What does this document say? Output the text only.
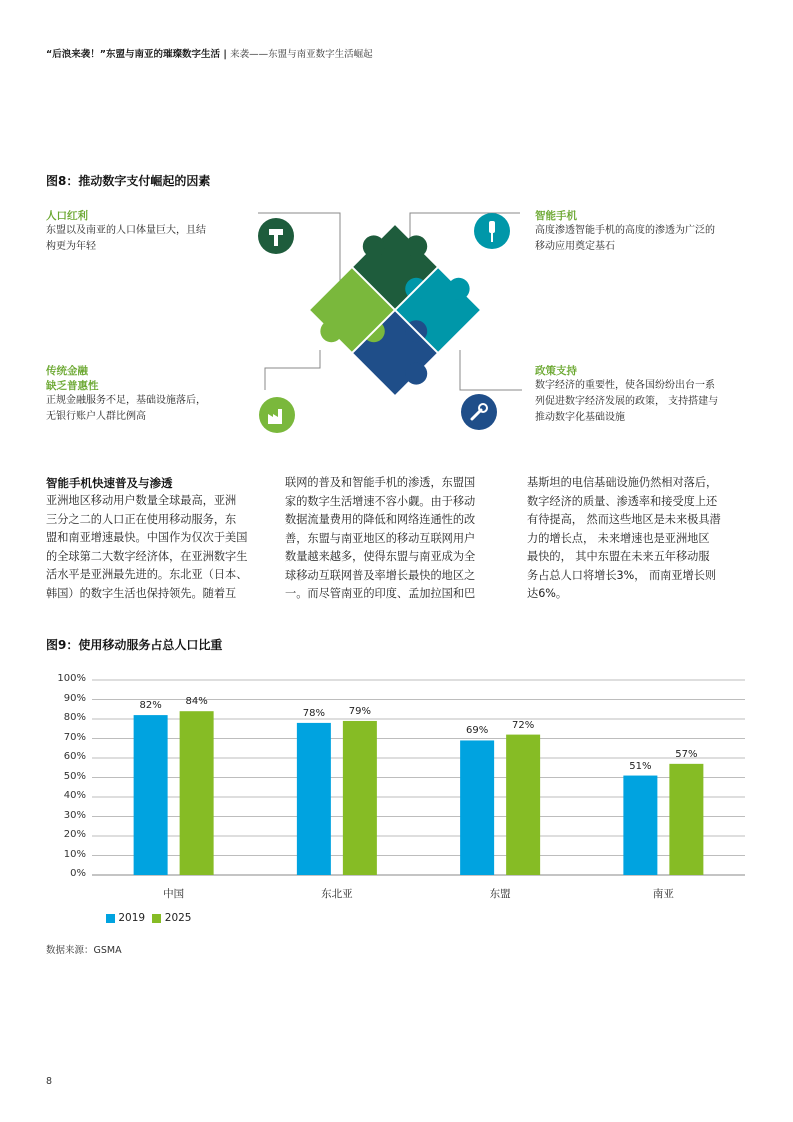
“后浪来袭！”东盟与南亚的璀璨数字生活 | 来袭——东盟与南亚数字生活崛起
图8：推动数字支付崛起的因素
人口红利
东盟以及南亚的人口体量巨大，且结
构更为年轻
智能手机
高度渗透智能手机的高度的渗透为广泛的
移动应用奠定基石
传统金融
缺乏普惠性
正规金融服务不足，基础设施落后，
无银行账户人群比例高
政策支持
数字经济的重要性，使各国纷纷出台一系
列促进数字经济发展的政策， 支持搭建与
推动数字化基础设施
智能手机快速普及与渗透
亚洲地区移动用户数量全球最高，亚洲
三分之二的人口正在使用移动服务，东
盟和南亚增速最快。中国作为仅次于美国
的全球第二大数字经济体，在亚洲数字生
活水平是亚洲最先进的。东北亚（日本、
韩国）的数字生活也保持领先。随着互
联网的普及和智能手机的渗透，东盟国
家的数字生活增速不容小觑。由于移动
数据流量费用的降低和网络连通性的改
善，东盟与南亚地区的移动互联网用户
数量越来越多，使得东盟与南亚成为全
球移动互联网普及率增长最快的地区之
一。而尽管南亚的印度、孟加拉国和巴
基斯坦的电信基础设施仍然相对落后，
数字经济的质量、渗透率和接受度上还
有待提高， 然而这些地区是未来极具潜
力的增长点， 未来增速也是亚洲地区
最快的， 其中东盟在未来五年移动服
务占总人口将增长3%， 而南亚增长则
达6%。
图9：使用移动服务占总人口比重
0%
10%
20%
30%
40%
50%
60%
70%
80%
90%
100%
82%	84%
中国
78%	79%
东北亚
69%
72%
东盟
51%
57%
南亚
2019 2025
数据来源：GSMA
8
